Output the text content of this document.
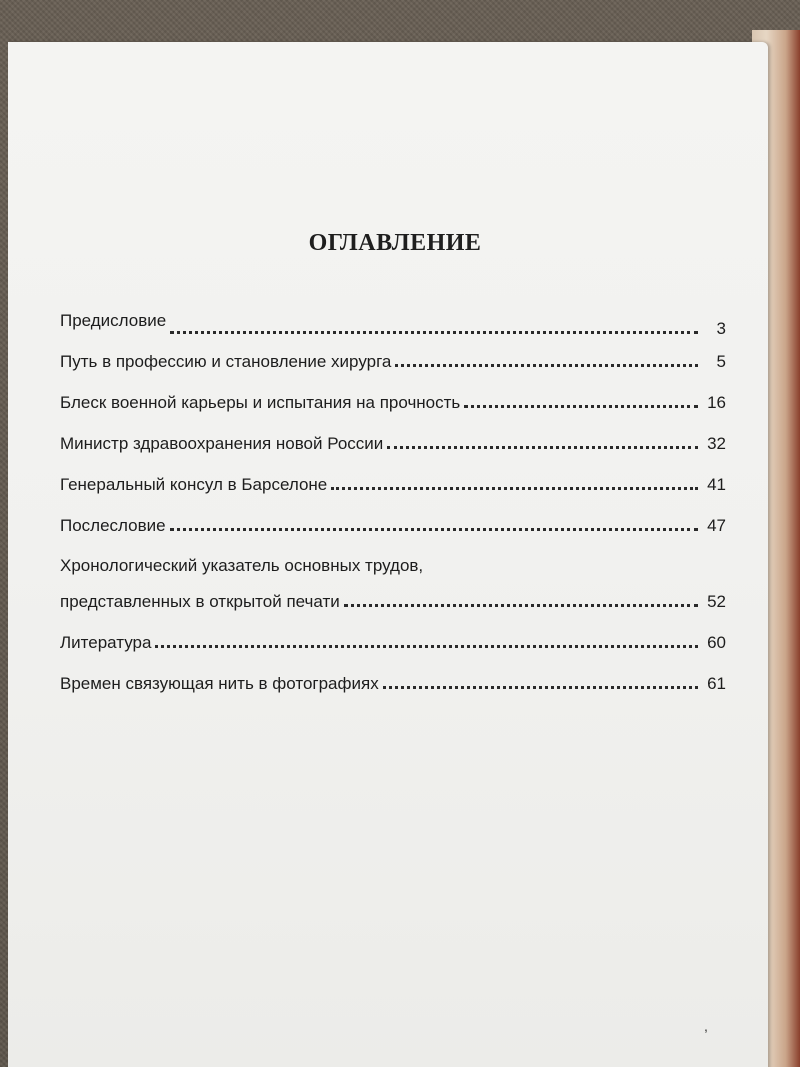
ОГЛАВЛЕНИЕ
Предисловие	3
Путь в профессию и становление хирурга	5
Блеск военной карьеры и испытания на прочность	16
Министр здравоохранения новой России	32
Генеральный консул в Барселоне	41
Послесловие	47
Хронологический указатель основных трудов,
представленных в открытой печати	52
Литература	60
Времен связующая нить в фотографиях	61
,
